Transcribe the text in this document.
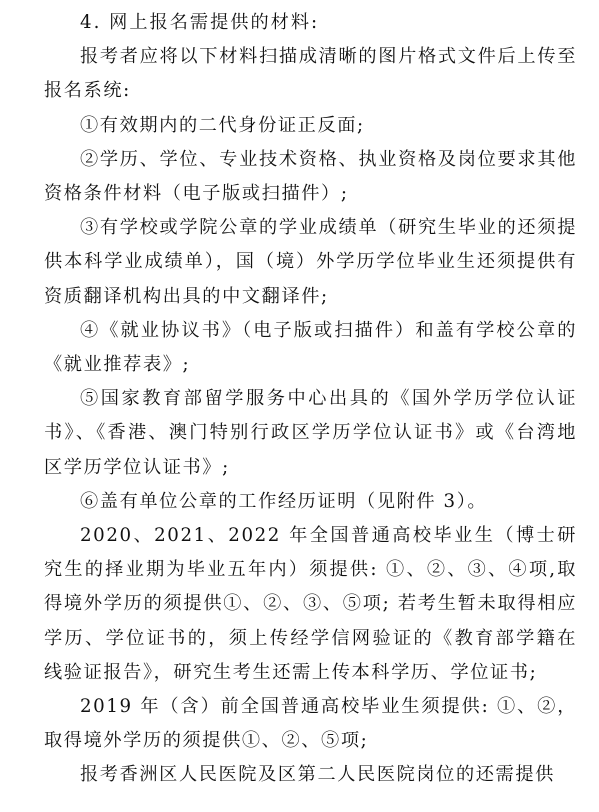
4. 网上报名需提供的材料:

报考者应将以下材料扫描成清晰的图片格式文件后上传至报名系统:

①有效期内的二代身份证正反面;

②学历、学位、专业技术资格、执业资格及岗位要求其他资格条件材料（电子版或扫描件）;

③有学校或学院公章的学业成绩单（研究生毕业的还须提供本科学业成绩单），国（境）外学历学位毕业生还须提供有资质翻译机构出具的中文翻译件;

④《就业协议书》（电子版或扫描件）和盖有学校公章的《就业推荐表》;

⑤国家教育部留学服务中心出具的《国外学历学位认证书》、《香港、澳门特别行政区学历学位认证书》或《台湾地区学历学位认证书》;

⑥盖有单位公章的工作经历证明（见附件 3）。

2020、2021、2022 年全国普通高校毕业生（博士研究生的择业期为毕业五年内）须提供: ①、②、③、④项,取得境外学历的须提供①、②、③、⑤项; 若考生暂未取得相应学历、学位证书的，须上传经学信网验证的《教育部学籍在线验证报告》，研究生考生还需上传本科学历、学位证书;

2019 年（含）前全国普通高校毕业生须提供: ①、②，取得境外学历的须提供①、②、⑤项;

报考香洲区人民医院及区第二人民医院岗位的还需提供
